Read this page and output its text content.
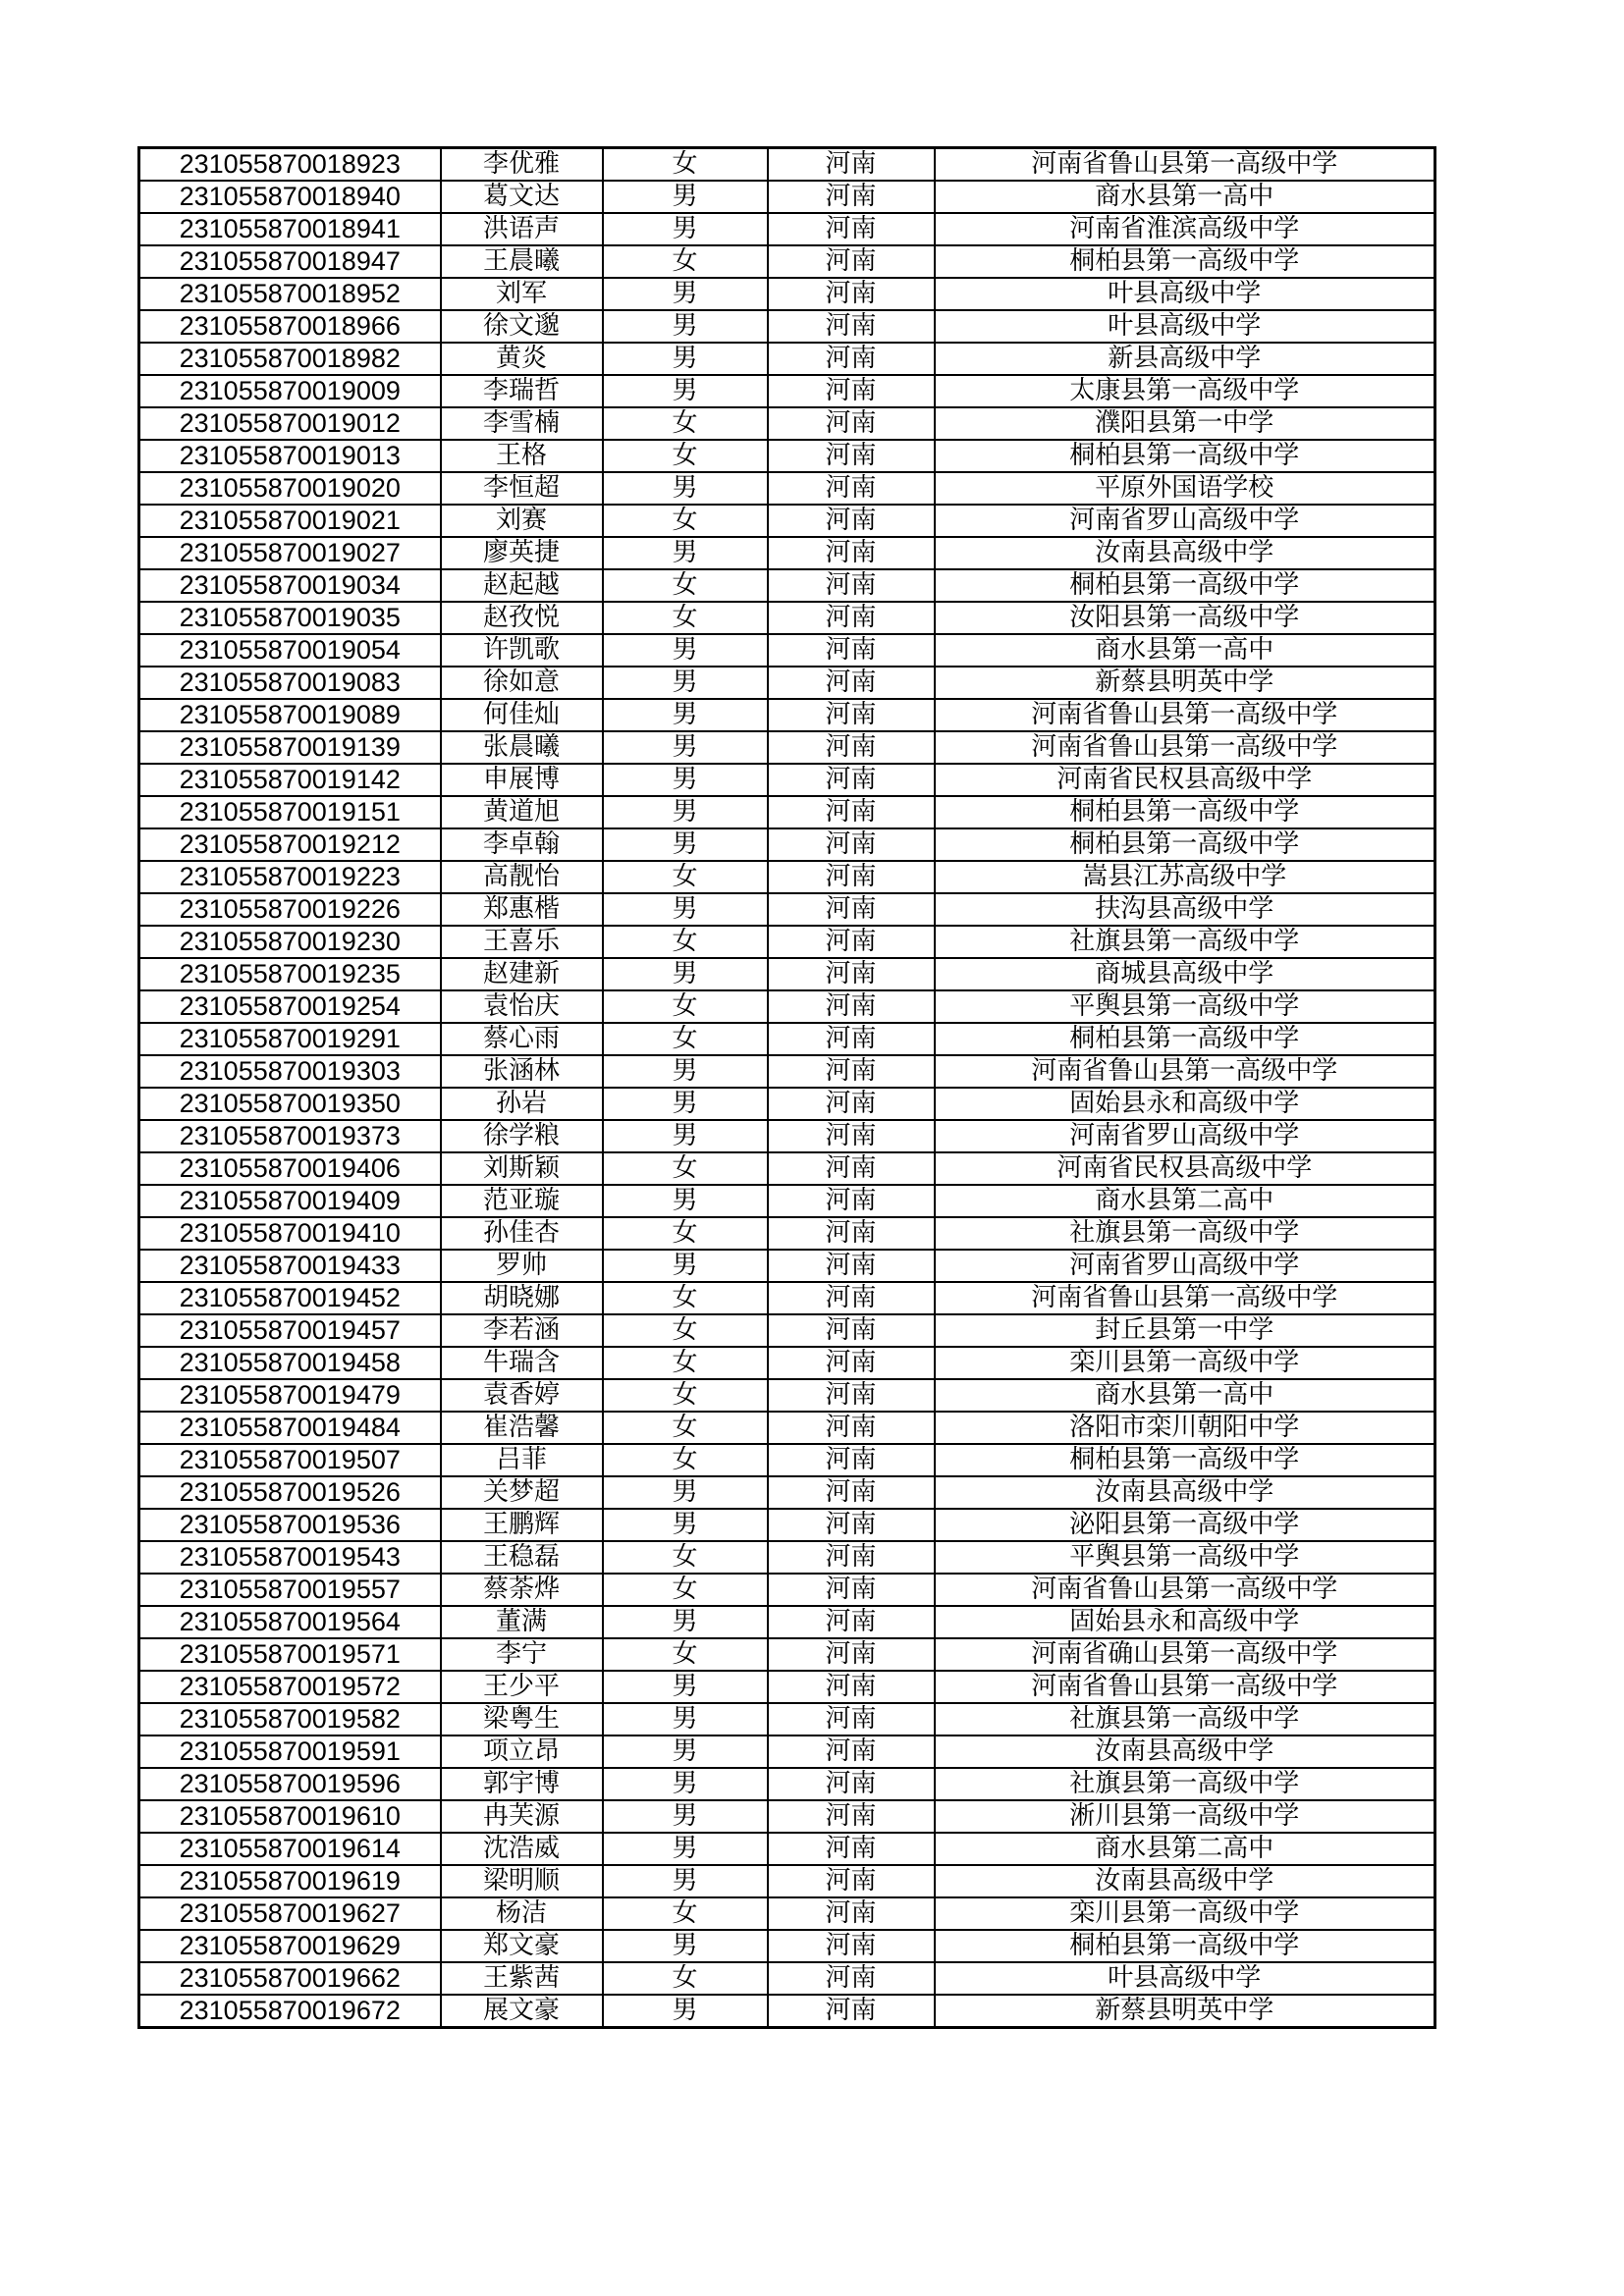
231055870018923	李优雅	女	河南	河南省鲁山县第一高级中学
231055870018940	葛文达	男	河南	商水县第一高中
231055870018941	洪语声	男	河南	河南省淮滨高级中学
231055870018947	王晨曦	女	河南	桐柏县第一高级中学
231055870018952	刘军	男	河南	叶县高级中学
231055870018966	徐文邈	男	河南	叶县高级中学
231055870018982	黄炎	男	河南	新县高级中学
231055870019009	李瑞哲	男	河南	太康县第一高级中学
231055870019012	李雪楠	女	河南	濮阳县第一中学
231055870019013	王格	女	河南	桐柏县第一高级中学
231055870019020	李恒超	男	河南	平原外国语学校
231055870019021	刘赛	女	河南	河南省罗山高级中学
231055870019027	廖英捷	男	河南	汝南县高级中学
231055870019034	赵起越	女	河南	桐柏县第一高级中学
231055870019035	赵孜悦	女	河南	汝阳县第一高级中学
231055870019054	许凯歌	男	河南	商水县第一高中
231055870019083	徐如意	男	河南	新蔡县明英中学
231055870019089	何佳灿	男	河南	河南省鲁山县第一高级中学
231055870019139	张晨曦	男	河南	河南省鲁山县第一高级中学
231055870019142	申展博	男	河南	河南省民权县高级中学
231055870019151	黄道旭	男	河南	桐柏县第一高级中学
231055870019212	李卓翰	男	河南	桐柏县第一高级中学
231055870019223	高靓怡	女	河南	嵩县江苏高级中学
231055870019226	郑惠楷	男	河南	扶沟县高级中学
231055870019230	王喜乐	女	河南	社旗县第一高级中学
231055870019235	赵建新	男	河南	商城县高级中学
231055870019254	袁怡庆	女	河南	平舆县第一高级中学
231055870019291	蔡心雨	女	河南	桐柏县第一高级中学
231055870019303	张涵林	男	河南	河南省鲁山县第一高级中学
231055870019350	孙岩	男	河南	固始县永和高级中学
231055870019373	徐学粮	男	河南	河南省罗山高级中学
231055870019406	刘斯颖	女	河南	河南省民权县高级中学
231055870019409	范亚璇	男	河南	商水县第二高中
231055870019410	孙佳杏	女	河南	社旗县第一高级中学
231055870019433	罗帅	男	河南	河南省罗山高级中学
231055870019452	胡晓娜	女	河南	河南省鲁山县第一高级中学
231055870019457	李若涵	女	河南	封丘县第一中学
231055870019458	牛瑞含	女	河南	栾川县第一高级中学
231055870019479	袁香婷	女	河南	商水县第一高中
231055870019484	崔浩馨	女	河南	洛阳市栾川朝阳中学
231055870019507	吕菲	女	河南	桐柏县第一高级中学
231055870019526	关梦超	男	河南	汝南县高级中学
231055870019536	王鹏辉	男	河南	泌阳县第一高级中学
231055870019543	王稳磊	女	河南	平舆县第一高级中学
231055870019557	蔡荼烨	女	河南	河南省鲁山县第一高级中学
231055870019564	董满	男	河南	固始县永和高级中学
231055870019571	李宁	女	河南	河南省确山县第一高级中学
231055870019572	王少平	男	河南	河南省鲁山县第一高级中学
231055870019582	梁粤生	男	河南	社旗县第一高级中学
231055870019591	项立昂	男	河南	汝南县高级中学
231055870019596	郭宇博	男	河南	社旗县第一高级中学
231055870019610	冉芙源	男	河南	淅川县第一高级中学
231055870019614	沈浩威	男	河南	商水县第二高中
231055870019619	梁明顺	男	河南	汝南县高级中学
231055870019627	杨洁	女	河南	栾川县第一高级中学
231055870019629	郑文豪	男	河南	桐柏县第一高级中学
231055870019662	王紫茜	女	河南	叶县高级中学
231055870019672	展文豪	男	河南	新蔡县明英中学
